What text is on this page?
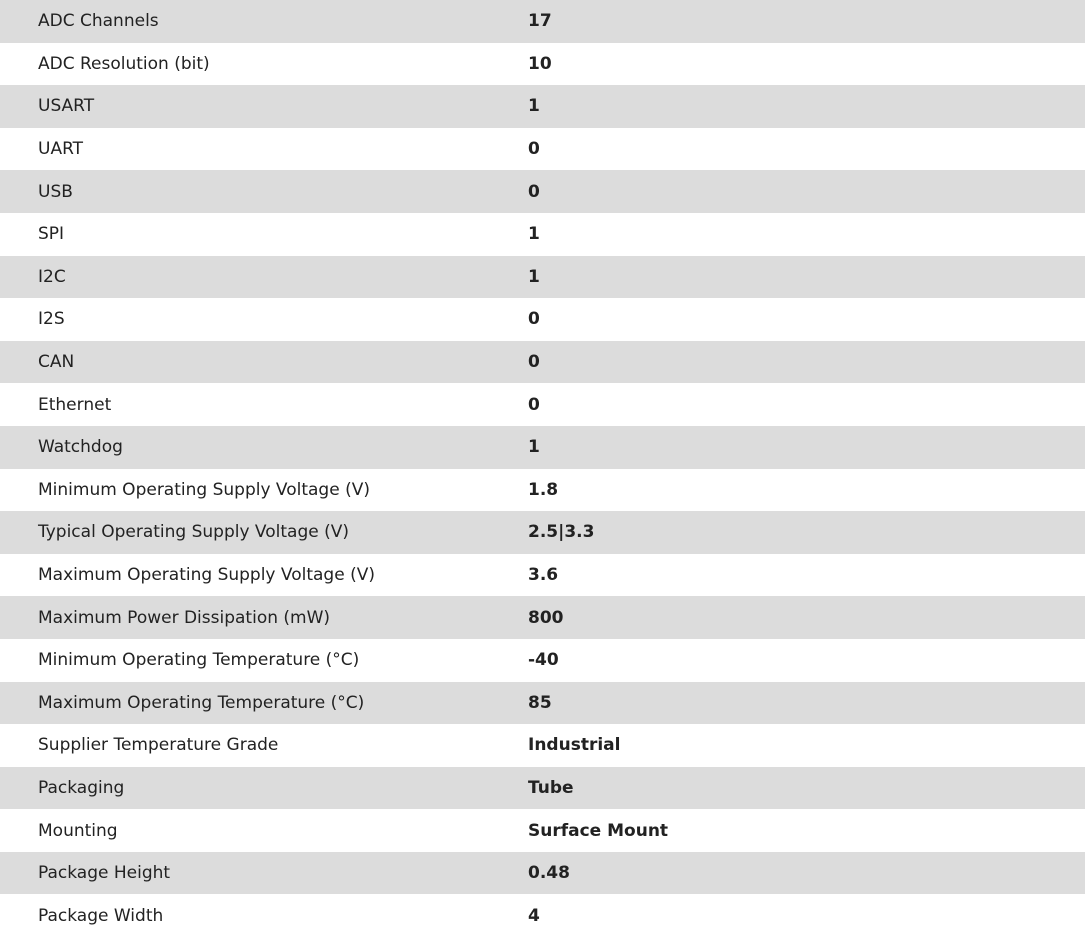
ADC Channels	17
ADC Resolution (bit)	10
USART	1
UART	0
USB	0
SPI	1
I2C	1
I2S	0
CAN	0
Ethernet	0
Watchdog	1
Minimum Operating Supply Voltage (V)	1.8
Typical Operating Supply Voltage (V)	2.5|3.3
Maximum Operating Supply Voltage (V)	3.6
Maximum Power Dissipation (mW)	800
Minimum Operating Temperature (°C)	-40
Maximum Operating Temperature (°C)	85
Supplier Temperature Grade	Industrial
Packaging	Tube
Mounting	Surface Mount
Package Height	0.48
Package Width	4
